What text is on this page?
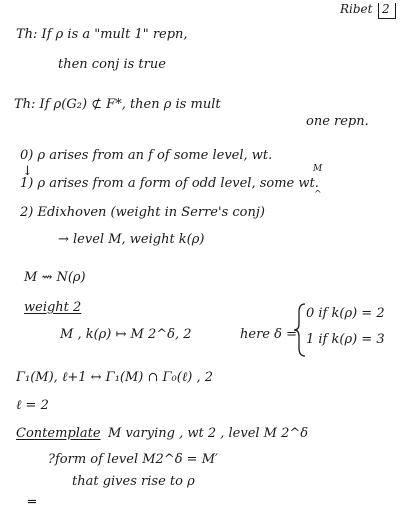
Ribet 2
Th: If ρ is a "mult 1" repn,
then conj is true
Th: If ρ(G₂) ⊄ F*, then ρ is mult
one repn.
0) ρ arises from an f of some level, wt.
↓	M
1) ρ arises from a form of odd level, some wt.
^
2) Edixhoven (weight in Serre's conj)
→ level M, weight k(ρ)
M ⇝ N(ρ)
weight 2
M , k(ρ) ↦ M 2^δ, 2	here δ =
0 if k(ρ) = 2
1 if k(ρ) = 3
Γ₁(M), ℓ+1 ↔ Γ₁(M) ∩ Γ₀(ℓ) , 2
ℓ = 2
Contemplate M varying , wt 2 , level M 2^δ
?form of level M2^δ = M′
that gives rise to ρ
═
